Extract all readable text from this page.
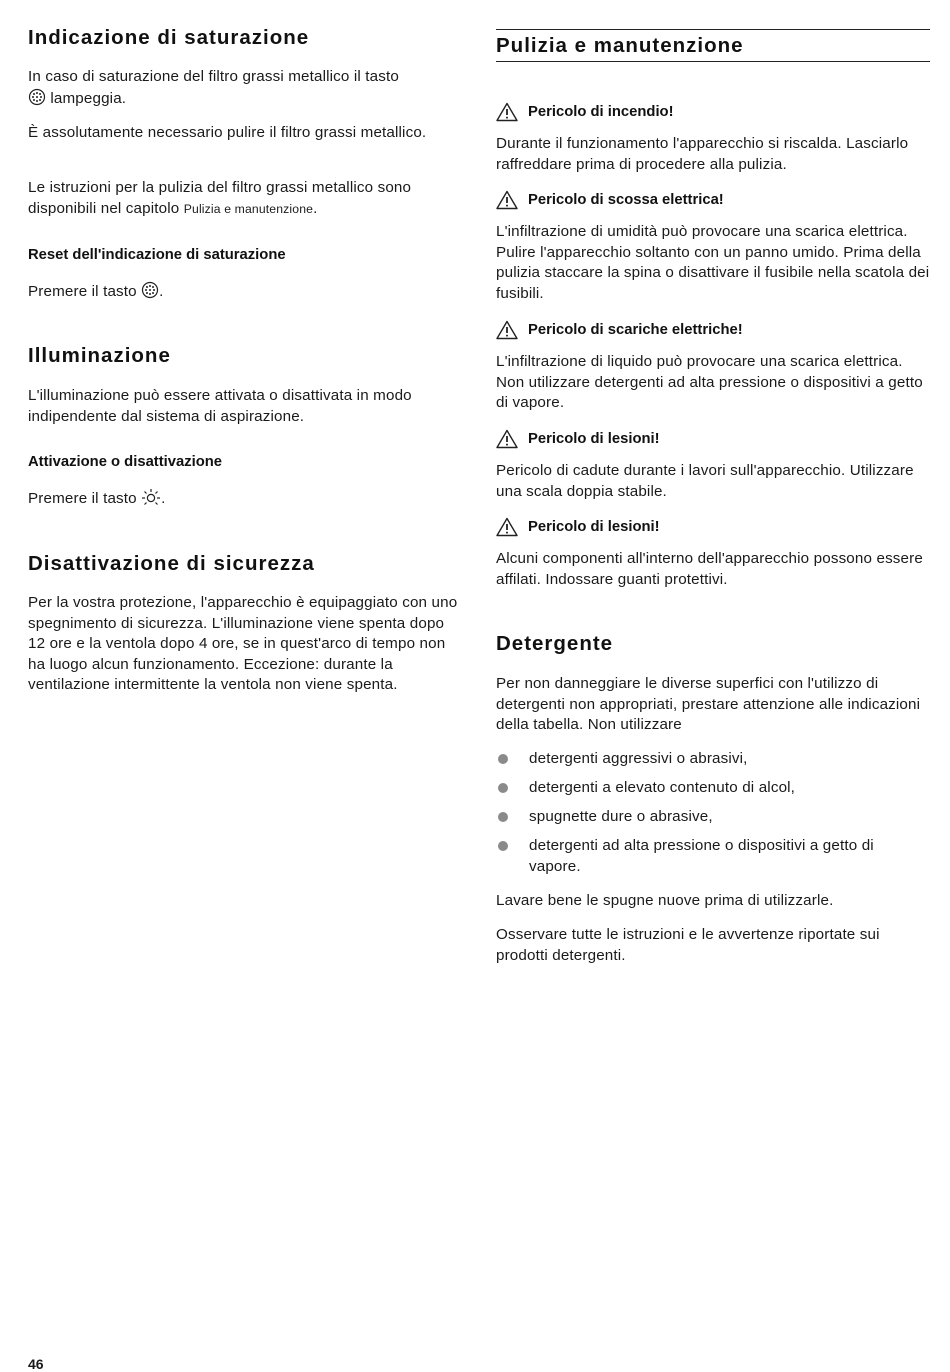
Indicazione di saturazione

In caso di saturazione del filtro grassi metallico il tasto
lampeggia.

È assolutamente necessario pulire il filtro grassi metallico.

Le istruzioni per la pulizia del filtro grassi metallico sono disponibili nel capitolo Pulizia e manutenzione.

Reset dell'indicazione di saturazione

Premere il tasto .

Illuminazione

L'illuminazione può essere attivata o disattivata in modo indipendente dal sistema di aspirazione.

Attivazione o disattivazione

Premere il tasto .

Disattivazione di sicurezza

Per la vostra protezione, l'apparecchio è equipaggiato con uno spegnimento di sicurezza. L'illuminazione viene spenta dopo 12 ore e la ventola dopo 4 ore, se in quest'arco di tempo non ha luogo alcun funzionamento. Eccezione: durante la ventilazione intermittente la ventola non viene spenta.

Pulizia e manutenzione
Pericolo di incendio!

Durante il funzionamento l'apparecchio si riscalda. Lasciarlo raffreddare prima di procedere alla pulizia.

Pericolo di scossa elettrica!

L'infiltrazione di umidità può provocare una scarica elettrica. Pulire l'apparecchio soltanto con un panno umido. Prima della pulizia staccare la spina o disattivare il fusibile nella scatola dei fusibili.

Pericolo di scariche elettriche!

L'infiltrazione di liquido può provocare una scarica elettrica. Non utilizzare detergenti ad alta pressione o dispositivi a getto di vapore.

Pericolo di lesioni!

Pericolo di cadute durante i lavori sull'apparecchio. Utilizzare una scala doppia stabile.

Pericolo di lesioni!

Alcuni componenti all'interno dell'apparecchio possono essere affilati. Indossare guanti protettivi.

Detergente

Per non danneggiare le diverse superfici con l'utilizzo di detergenti non appropriati, prestare attenzione alle indicazioni della tabella. Non utilizzare

detergenti aggressivi o abrasivi,
detergenti a elevato contenuto di alcol,
spugnette dure o abrasive,
detergenti ad alta pressione o dispositivi a getto di vapore.

Lavare bene le spugne nuove prima di utilizzarle.

Osservare tutte le istruzioni e le avvertenze riportate sui prodotti detergenti.

46
